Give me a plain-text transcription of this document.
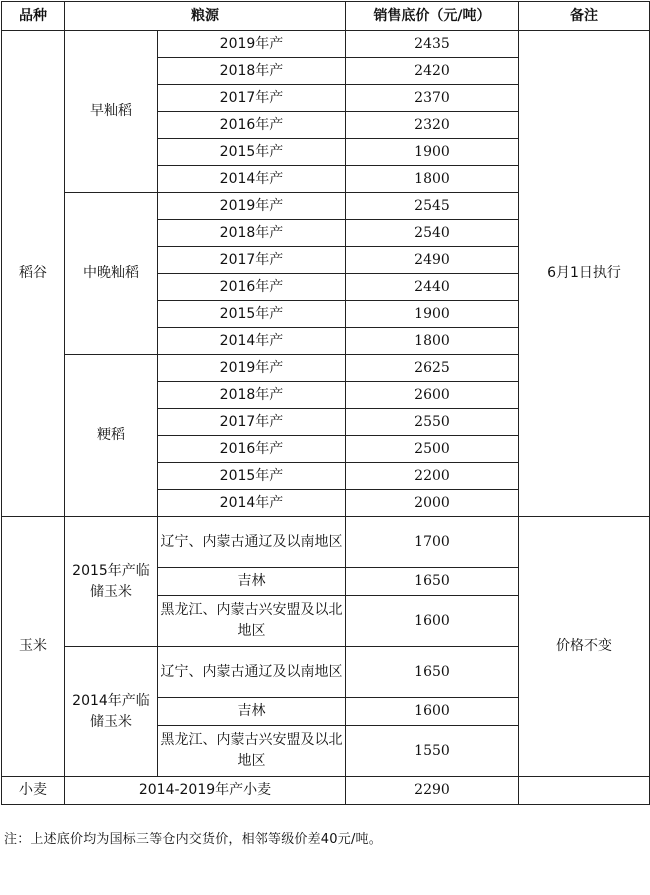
品种	粮源		销售底价（元/吨）	备注
稻谷	早籼稻	2019年产	2435	6月1日执行
		2018年产	2420	
		2017年产	2370	
		2016年产	2320	
		2015年产	1900	
		2014年产	1800	
	中晚籼稻	2019年产	2545	
		2018年产	2540	
		2017年产	2490	
		2016年产	2440	
		2015年产	1900	
		2014年产	1800	
	粳稻	2019年产	2625	
		2018年产	2600	
		2017年产	2550	
		2016年产	2500	
		2015年产	2200	
		2014年产	2000	
玉米	2015年产临储玉米	辽宁、内蒙古通辽及以南地区	1700	价格不变
		吉林	1650	
		黑龙江、内蒙古兴安盟及以北地区	1600	
	2014年产临储玉米	辽宁、内蒙古通辽及以南地区	1650	
		吉林	1600	
		黑龙江、内蒙古兴安盟及以北地区	1550	
小麦	2014-2019年产小麦		2290	
注：上述底价均为国标三等仓内交货价，相邻等级价差40元/吨。
